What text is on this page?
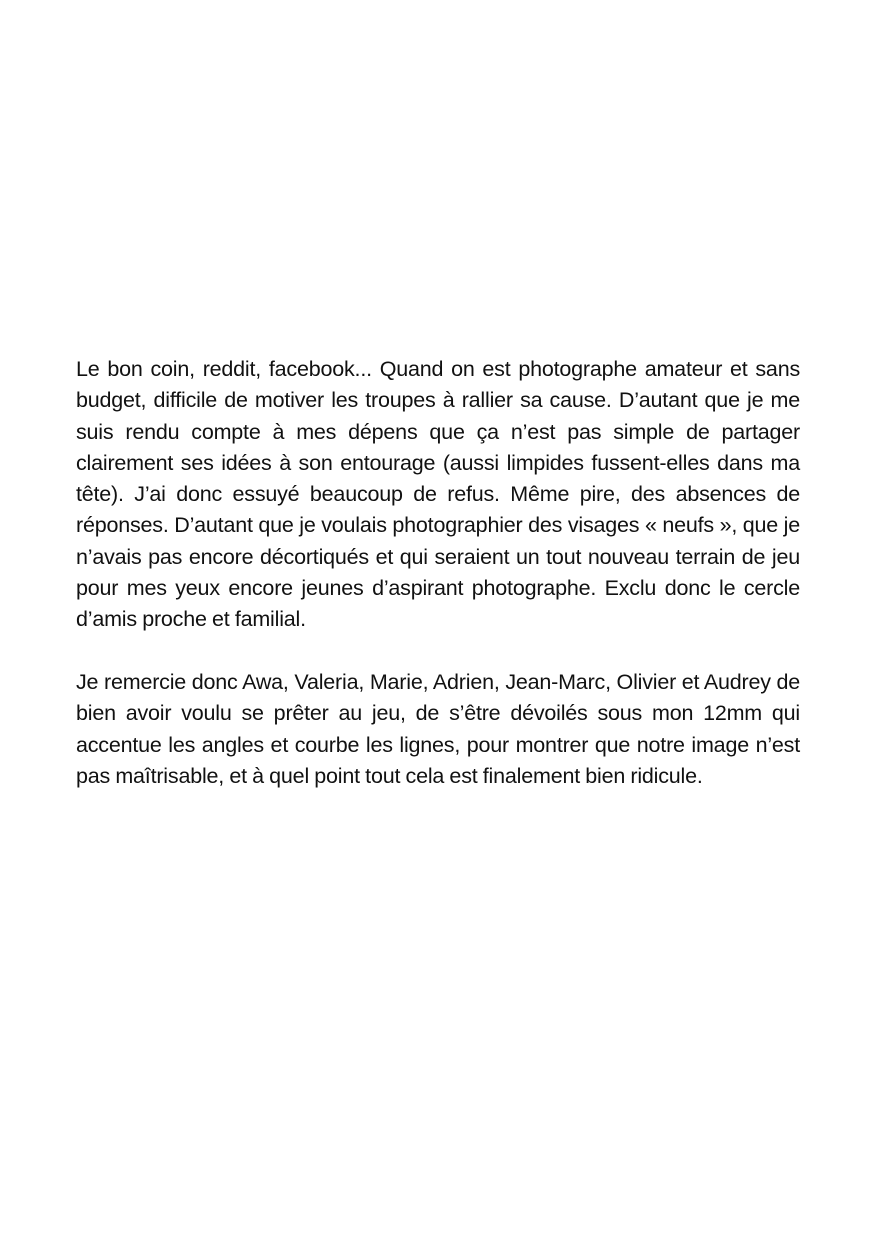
Le bon coin, reddit, facebook... Quand on est photographe amateur et sans budget, difficile de motiver les troupes à rallier sa cause. D’autant que je me suis rendu compte à mes dépens que ça n’est pas simple de partager clairement ses idées à son entourage (aussi limpides fussent-elles dans ma tête). J’ai donc essuyé beaucoup de refus. Même pire, des absences de réponses. D’autant que je voulais photographier des visages « neufs », que je n’avais pas encore décortiqués et qui seraient un tout nouveau terrain de jeu pour mes yeux encore jeunes d’aspirant photographe. Exclu donc le cercle d’amis proche et familial.

Je remercie donc Awa, Valeria, Marie, Adrien, Jean-Marc, Olivier et Audrey de bien avoir voulu se prêter au jeu, de s’être dévoilés sous mon 12mm qui accentue les angles et courbe les lignes, pour montrer que notre image n’est pas maîtrisable, et à quel point tout cela est finalement bien ridicule.
